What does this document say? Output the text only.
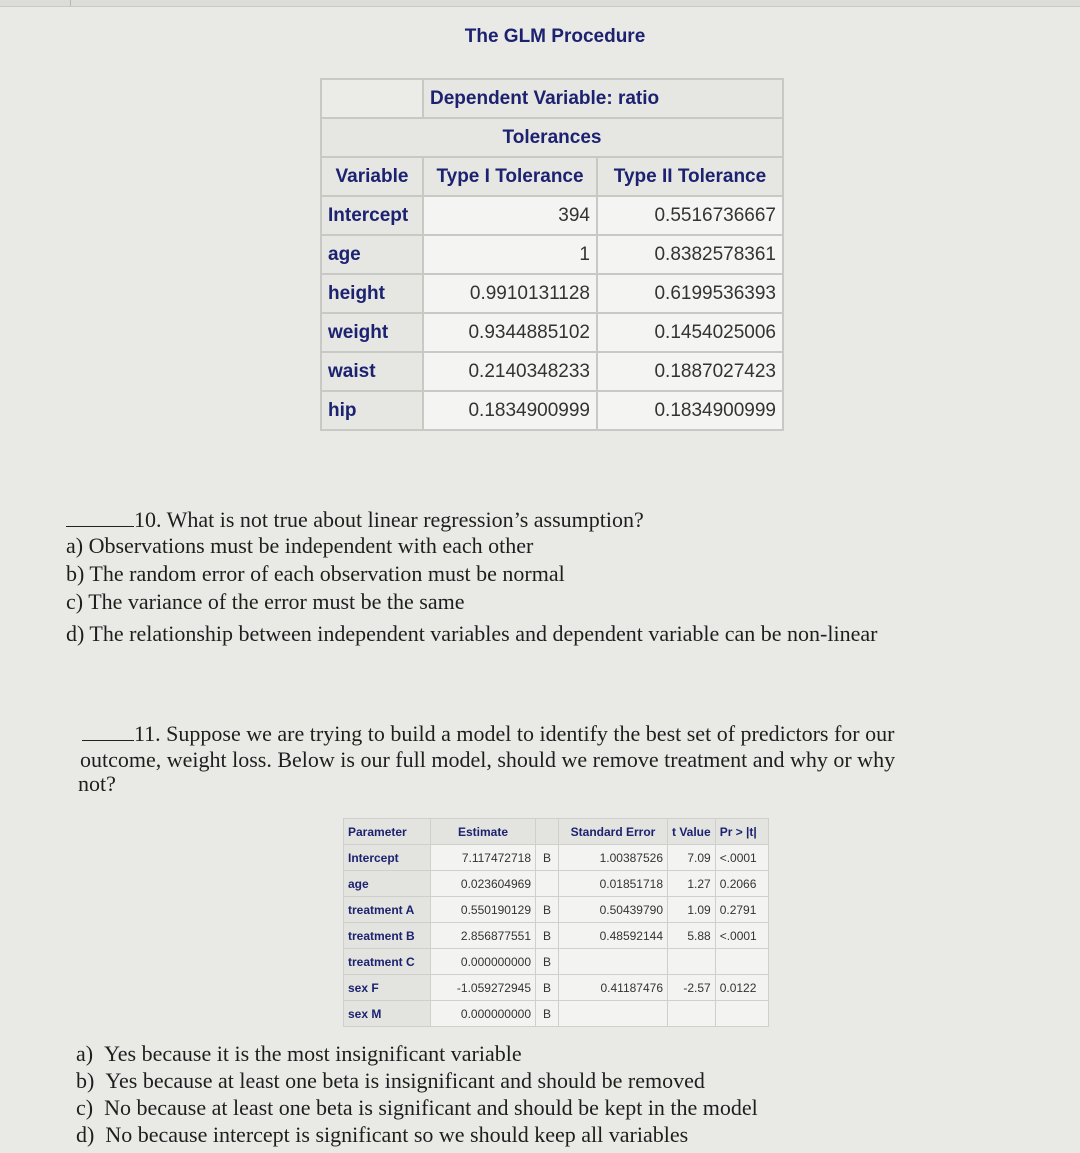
The GLM Procedure
	Dependent Variable: ratio	
Tolerances		
Variable	Type I Tolerance	Type II Tolerance
Intercept	394	0.5516736667
age	1	0.8382578361
height	0.9910131128	0.6199536393
weight	0.9344885102	0.1454025006
waist	0.2140348233	0.1887027423
hip	0.1834900999	0.1834900999
10. What is not true about linear regression’s assumption?
a) Observations must be independent with each other
b) The random error of each observation must be normal
c) The variance of the error must be the same
d) The relationship between independent variables and dependent variable can be non-linear
11. Suppose we are trying to build a model to identify the best set of predictors for our
outcome, weight loss. Below is our full model, should we remove treatment and why or why
not?
Parameter	Estimate		Standard Error	t Value	Pr > |t|
Intercept	7.117472718	B	1.00387526	7.09	<.0001
age	0.023604969		0.01851718	1.27	0.2066
treatment A	0.550190129	B	0.50439790	1.09	0.2791
treatment B	2.856877551	B	0.48592144	5.88	<.0001
treatment C	0.000000000	B			
sex F	-1.059272945	B	0.41187476	-2.57	0.0122
sex M	0.000000000	B			
a) Yes because it is the most insignificant variable
b) Yes because at least one beta is insignificant and should be removed
c) No because at least one beta is significant and should be kept in the model
d) No because intercept is significant so we should keep all variables
